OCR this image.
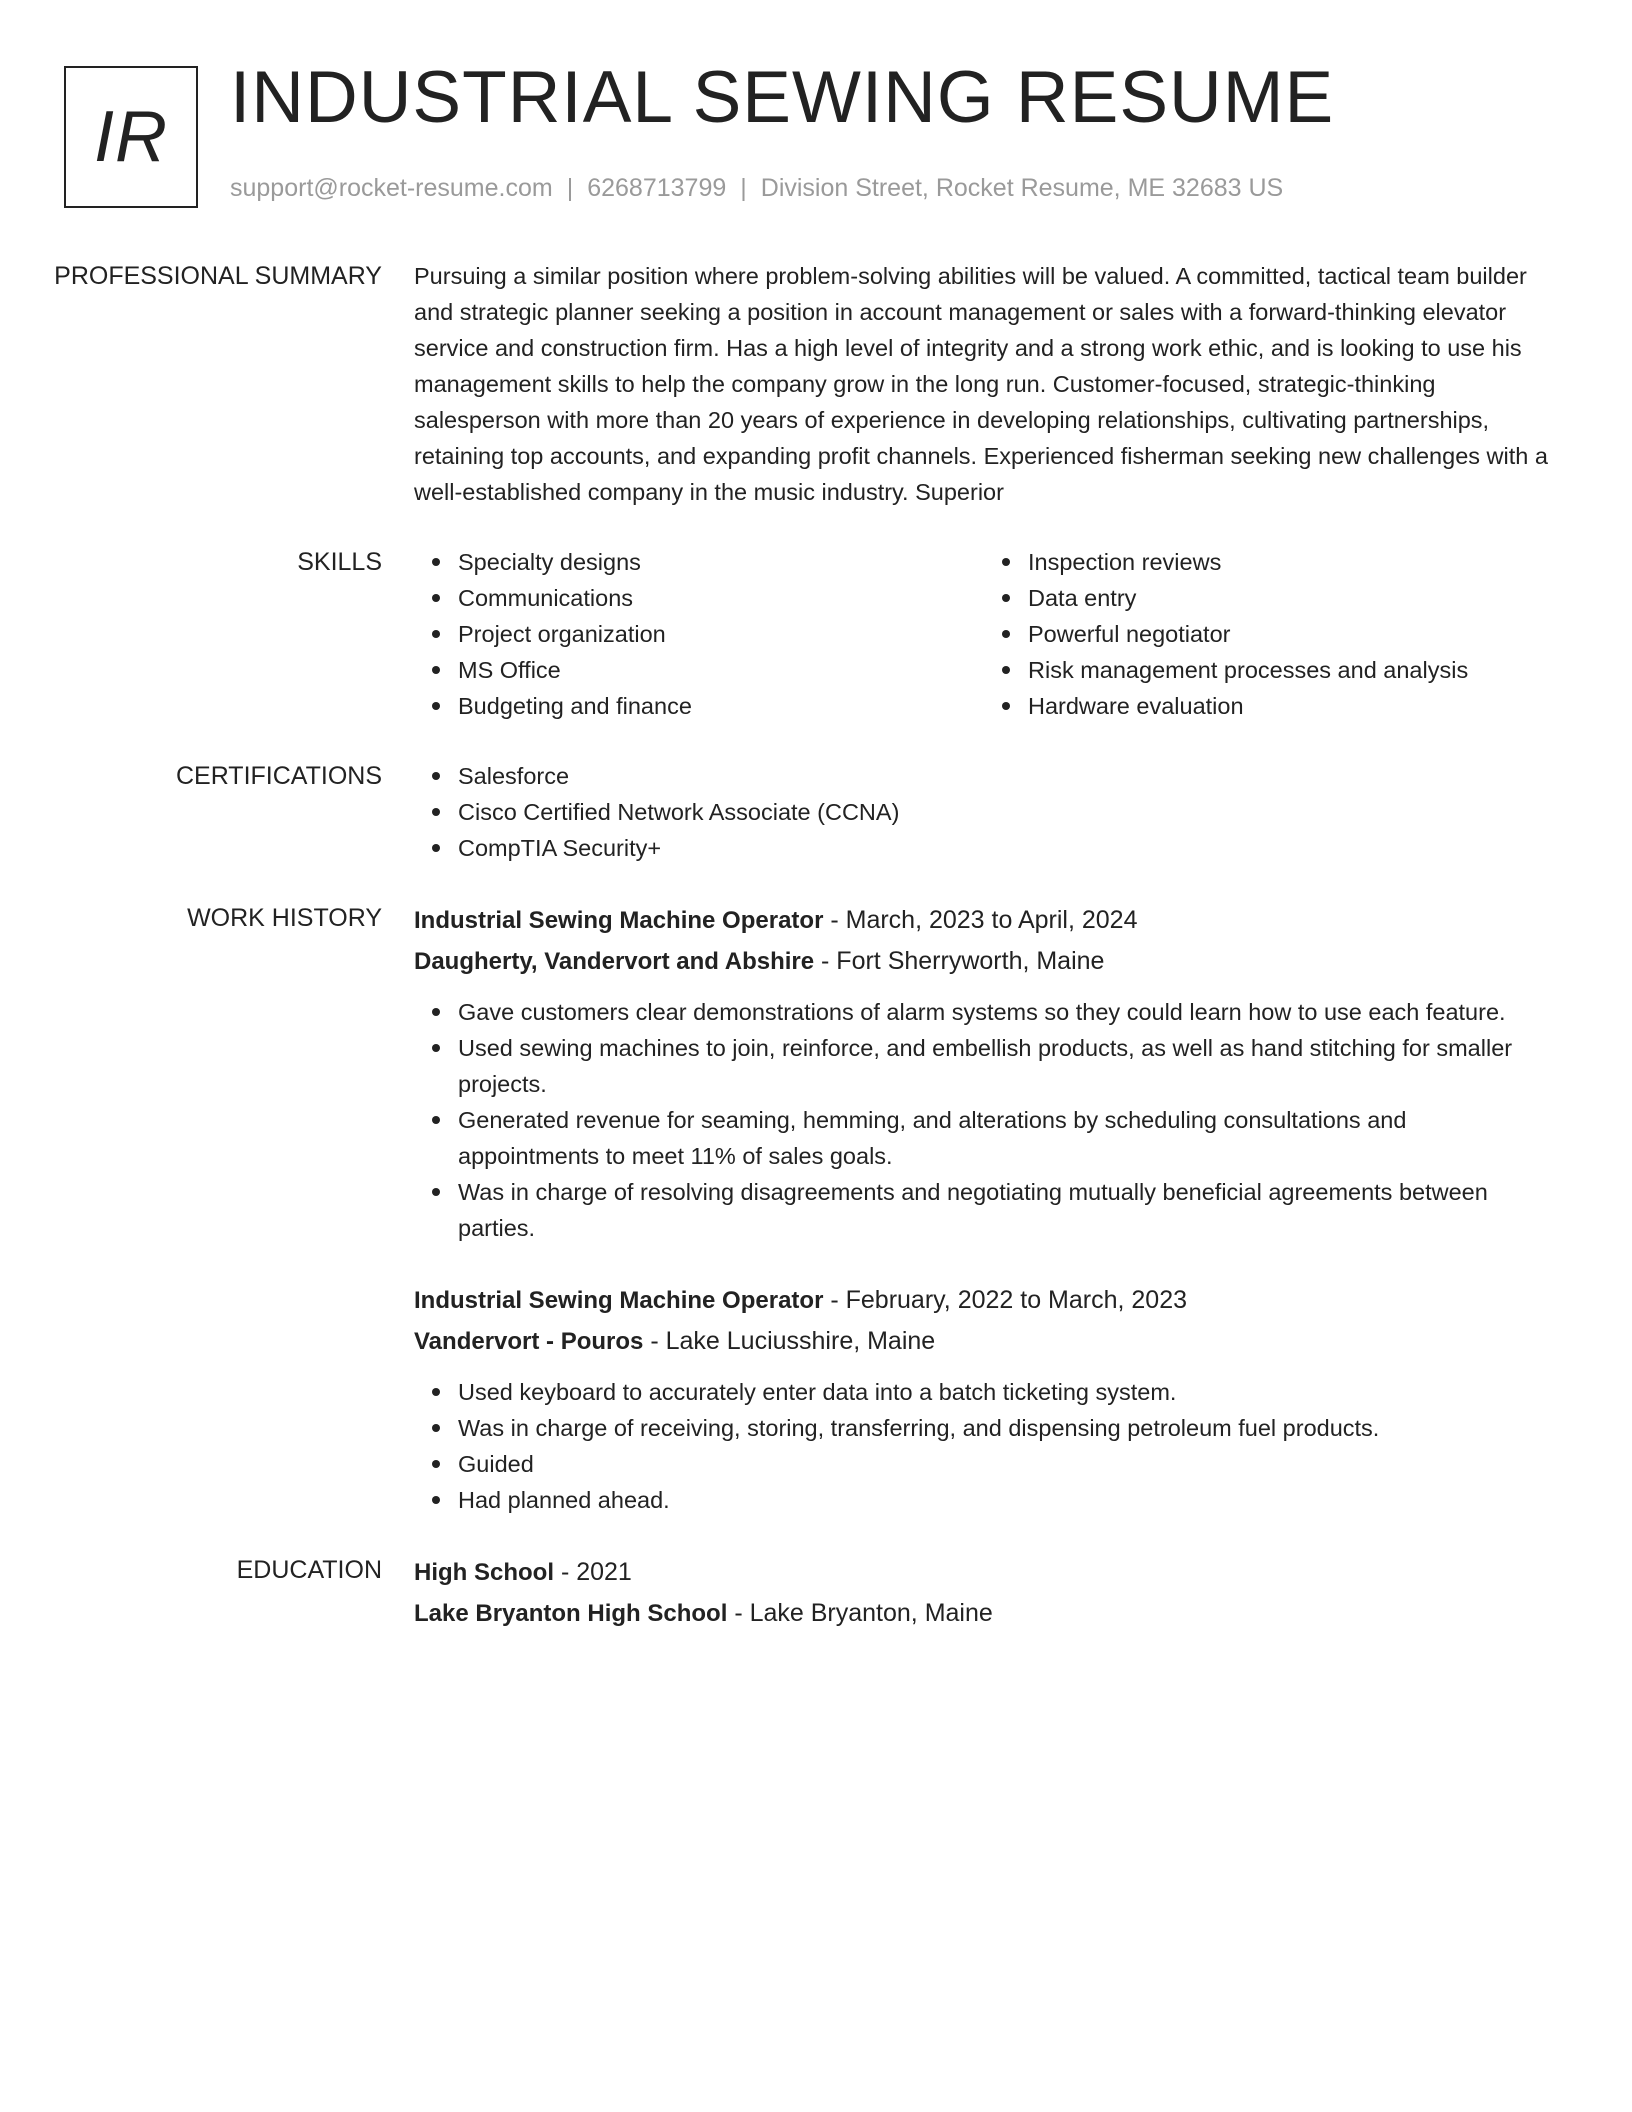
IR INDUSTRIAL SEWING RESUME
support@rocket-resume.com | 6268713799 | Division Street, Rocket Resume, ME 32683 US
PROFESSIONAL SUMMARY	Pursuing a similar position where problem-solving abilities will be valued. A committed, tactical team builder and strategic planner seeking a position in account management or sales with a forward-thinking elevator service and construction firm. Has a high level of integrity and a strong work ethic, and is looking to use his management skills to help the company grow in the long run. Customer-focused, strategic-thinking salesperson with more than 20 years of experience in developing relationships, cultivating partnerships, retaining top accounts, and expanding profit channels. Experienced fisherman seeking new challenges with a well-established company in the music industry. Superior

SKILLS	Specialty designs
Communications
Project organization
MS Office
Budgeting and finance
Inspection reviews
Data entry
Powerful negotiator
Risk management processes and analysis
Hardware evaluation
CERTIFICATIONS	Salesforce
Cisco Certified Network Associate (CCNA)
CompTIA Security+
WORK HISTORY	Industrial Sewing Machine Operator - March, 2023 to April, 2024
Daugherty, Vandervort and Abshire - Fort Sherryworth, Maine
Gave customers clear demonstrations of alarm systems so they could learn how to use each feature.
Used sewing machines to join, reinforce, and embellish products, as well as hand stitching for smaller projects.
Generated revenue for seaming, hemming, and alterations by scheduling consultations and appointments to meet 11% of sales goals.
Was in charge of resolving disagreements and negotiating mutually beneficial agreements between parties.
Industrial Sewing Machine Operator - February, 2022 to March, 2023
Vandervort - Pouros - Lake Luciusshire, Maine
Used keyboard to accurately enter data into a batch ticketing system.
Was in charge of receiving, storing, transferring, and dispensing petroleum fuel products.
Guided
Had planned ahead.
EDUCATION	High School - 2021
Lake Bryanton High School - Lake Bryanton, Maine
